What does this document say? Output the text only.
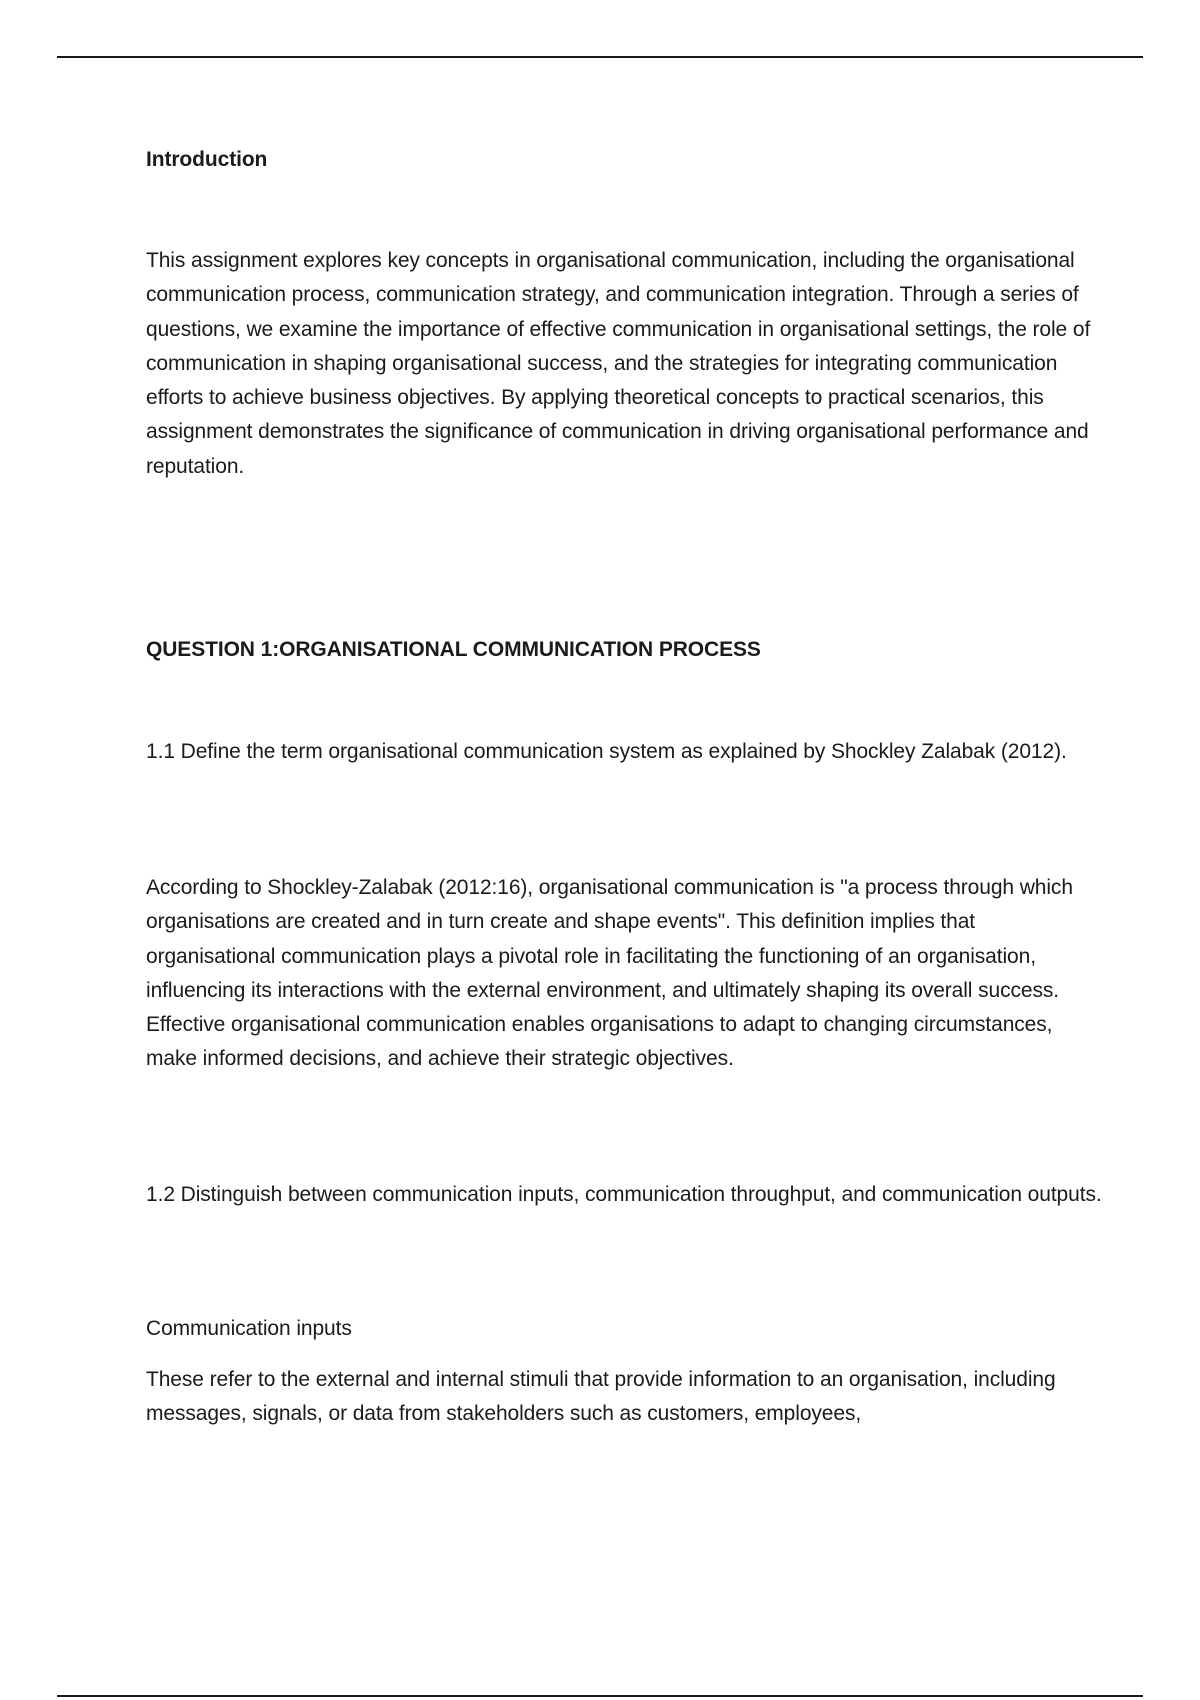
Introduction

This assignment explores key concepts in organisational communication, including the organisational communication process, communication strategy, and communication integration. Through a series of questions, we examine the importance of effective communication in organisational settings, the role of communication in shaping organisational success, and the strategies for integrating communication efforts to achieve business objectives. By applying theoretical concepts to practical scenarios, this assignment demonstrates the significance of communication in driving organisational performance and reputation.

QUESTION 1:ORGANISATIONAL COMMUNICATION PROCESS

1.1 Define the term organisational communication system as explained by Shockley Zalabak (2012).

According to Shockley-Zalabak (2012:16), organisational communication is "a process through which organisations are created and in turn create and shape events". This definition implies that organisational communication plays a pivotal role in facilitating the functioning of an organisation, influencing its interactions with the external environment, and ultimately shaping its overall success. Effective organisational communication enables organisations to adapt to changing circumstances, make informed decisions, and achieve their strategic objectives.

1.2 Distinguish between communication inputs, communication throughput, and communication outputs.

Communication inputs

These refer to the external and internal stimuli that provide information to an organisation, including messages, signals, or data from stakeholders such as customers, employees,
